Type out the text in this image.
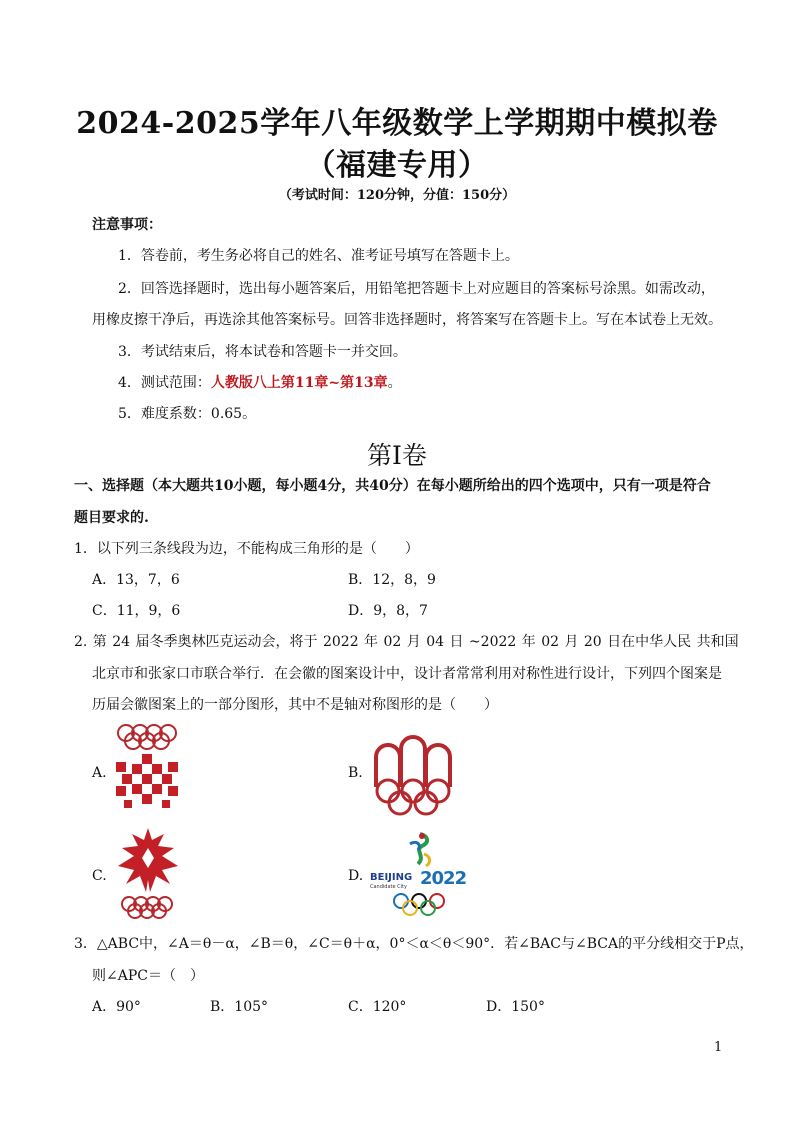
2024-2025学年八年级数学上学期期中模拟卷
（福建专用）
（考试时间：120分钟，分值：150分）
注意事项：
1．答卷前，考生务必将自己的姓名、准考证号填写在答题卡上。
2．回答选择题时，选出每小题答案后，用铅笔把答题卡上对应题目的答案标号涂黑。如需改动，
用橡皮擦干净后，再选涂其他答案标号。回答非选择题时，将答案写在答题卡上。写在本试卷上无效。
3．考试结束后，将本试卷和答题卡一并交回。
4．测试范围：人教版八上第11章~第13章。
5．难度系数：0.65。
第Ⅰ卷
一、选择题（本大题共10小题，每小题4分，共40分）在每小题所给出的四个选项中，只有一项是符合
题目要求的.
1．以下列三条线段为边，不能构成三角形的是（　　）
A．13，7，6	B．12，8，9
C．11，9，6	D．9，8，7
2. 第 24 届冬季奥林匹克运动会，将于 2022 年 02 月 04 日 ~2022 年 02 月 20 日在中华人民 共和国
北京市和张家口市联合举行．在会徽的图案设计中，设计者常常利用对称性进行设计，下列四个图案是
历届会徽图案上的一部分图形，其中不是轴对称图形的是（　　）
A.	B.
C.	D. BEIJING
Candidate City 2022
3．△ABC中，∠A＝θ－α，∠B＝θ，∠C＝θ＋α，0°＜α＜θ＜90°．若∠BAC与∠BCA的平分线相交于P点，
则∠APC＝（　）
A．90°	B．105°	C．120°	D．150°
1
